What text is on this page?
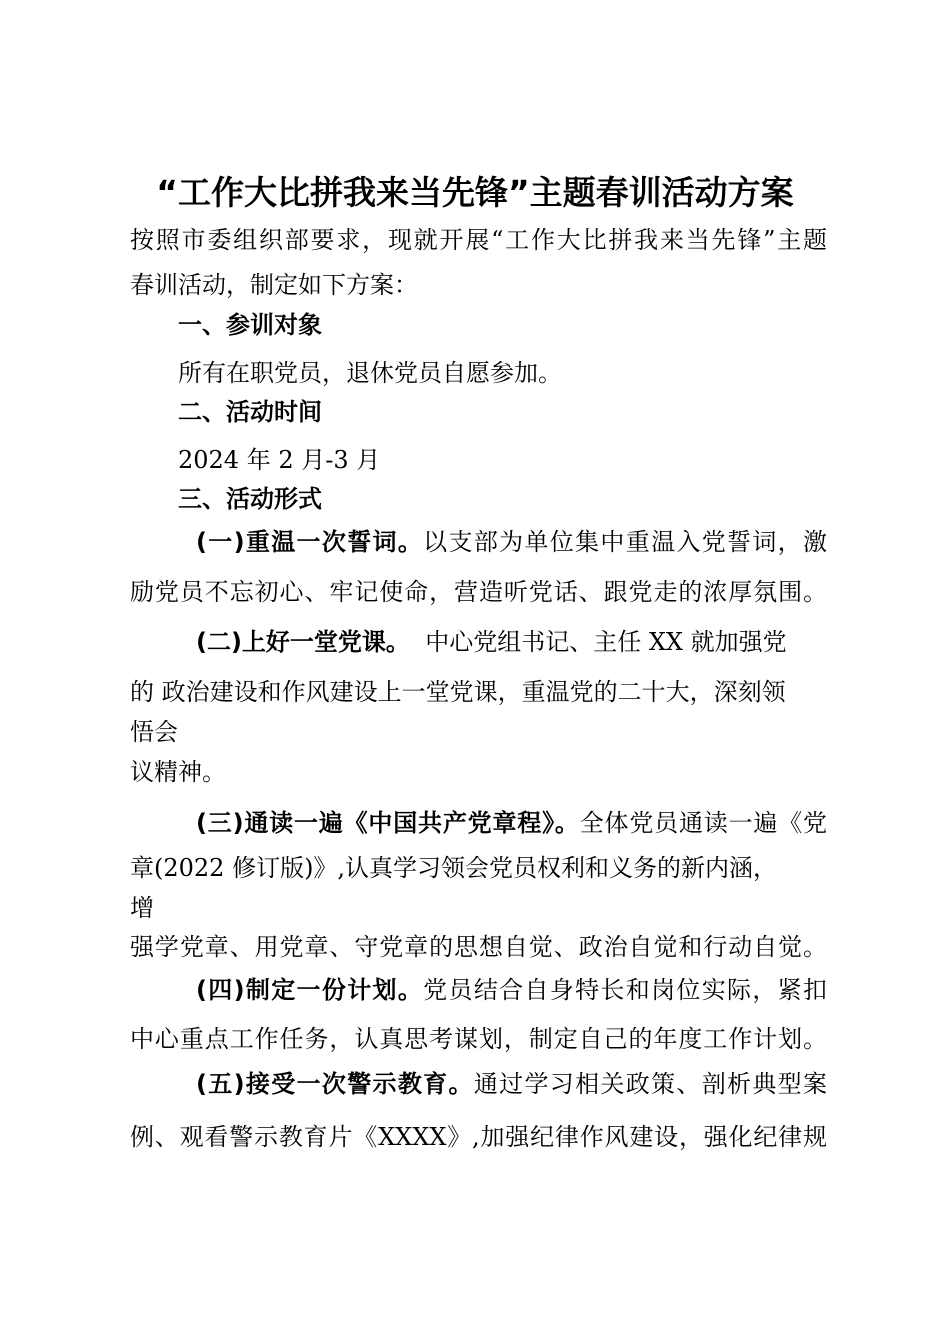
“工作大比拼我来当先锋”主题春训活动方案
按照市委组织部要求，现就开展“工作大比拼我来当先锋”主题
春训活动，制定如下方案：
一、参训对象
所有在职党员，退休党员自愿参加。
二、活动时间
2024 年 2 月-3 月
三、活动形式
(一)重温一次誓词。以支部为单位集中重温入党誓词，激
励党员不忘初心、牢记使命，营造听党话、跟党走的浓厚氛围。
(二)上好一堂党课。  中心党组书记、主任 XX 就加强党
的 政治建设和作风建设上一堂党课，重温党的二十大，深刻领
悟会
议精神。
(三)通读一遍《中国共产党章程》。全体党员通读一遍《党
章(2022 修订版)》,认真学习领会党员权利和义务的新内涵，
增
强学党章、用党章、守党章的思想自觉、政治自觉和行动自觉。
(四)制定一份计划。党员结合自身特长和岗位实际，紧扣
中心重点工作任务，认真思考谋划，制定自己的年度工作计划。
(五)接受一次警示教育。通过学习相关政策、剖析典型案
例、观看警示教育片《XXXX》,加强纪律作风建设，强化纪律规
